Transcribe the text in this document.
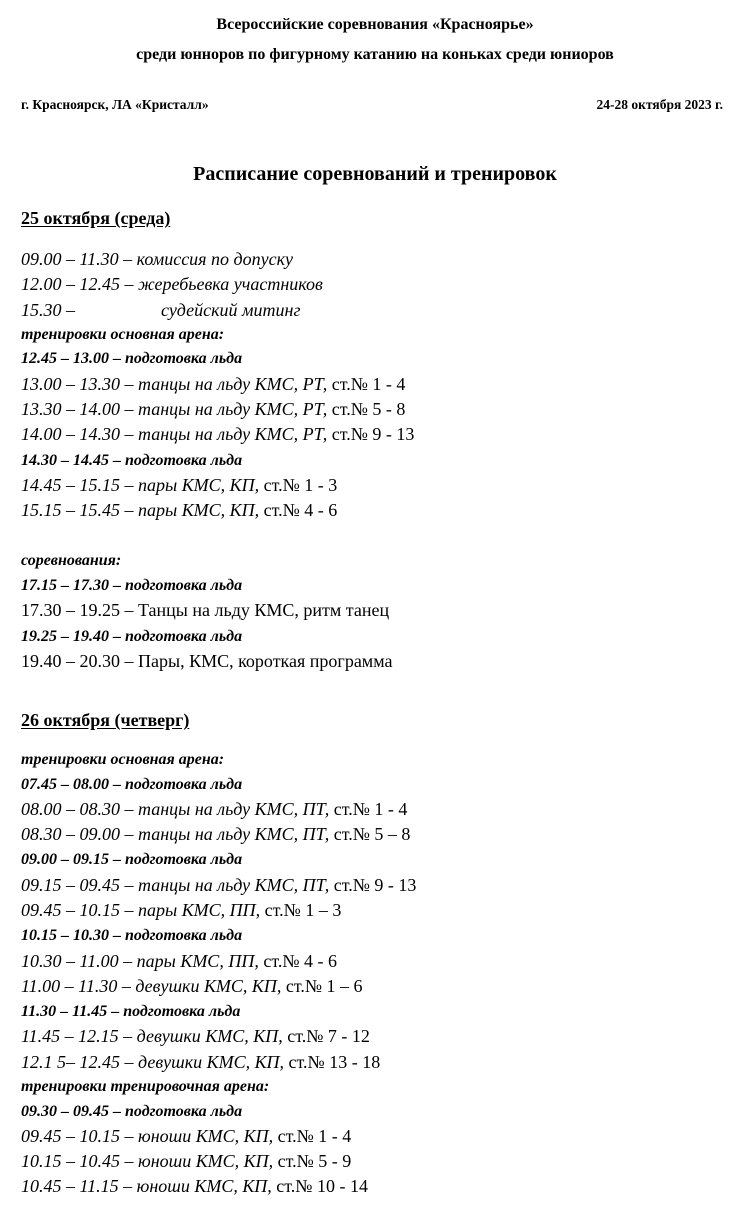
Всероссийские соревнования «Красноярье»
среди юнноров по фигурному катанию на коньках среди юниоров
г. Красноярск, ЛА «Кристалл»	24-28 октября 2023 г.
Расписание соревнований и тренировок
25 октября (среда)
09.00 – 11.30 – комиссия по допуску
12.00 – 12.45 – жеребьевка участников
15.30 –	судейский митинг
тренировки основная арена:
12.45 – 13.00 – подготовка льда
13.00 – 13.30 – танцы на льду КМС, РТ, ст.№ 1 - 4
13.30 – 14.00 – танцы на льду КМС, РТ, ст.№ 5 - 8
14.00 – 14.30 – танцы на льду КМС, РТ, ст.№ 9 - 13
14.30 – 14.45 – подготовка льда
14.45 – 15.15 – пары КМС, КП, ст.№ 1 - 3
15.15 – 15.45 – пары КМС, КП, ст.№ 4 - 6
соревнования:
17.15 – 17.30 – подготовка льда
17.30 – 19.25 – Танцы на льду КМС, ритм танец
19.25 – 19.40 – подготовка льда
19.40 – 20.30 – Пары, КМС, короткая программа
26 октября (четверг)
тренировки основная арена:
07.45 – 08.00 – подготовка льда
08.00 – 08.30 – танцы на льду КМС, ПТ, ст.№ 1 - 4
08.30 – 09.00 – танцы на льду КМС, ПТ, ст.№ 5 – 8
09.00 – 09.15 – подготовка льда
09.15 – 09.45 – танцы на льду КМС, ПТ, ст.№ 9 - 13
09.45 – 10.15 – пары КМС, ПП, ст.№ 1 – 3
10.15 – 10.30 – подготовка льда
10.30 – 11.00 – пары КМС, ПП, ст.№ 4 - 6
11.00 – 11.30 – девушки КМС, КП, ст.№ 1 – 6
11.30 – 11.45 – подготовка льда
11.45 – 12.15 – девушки КМС, КП, ст.№ 7 - 12
12.1 5– 12.45 – девушки КМС, КП, ст.№ 13 - 18
тренировки тренировочная арена:
09.30 – 09.45 – подготовка льда
09.45 – 10.15 – юноши КМС, КП, ст.№ 1 - 4
10.15 – 10.45 – юноши КМС, КП, ст.№ 5 - 9
10.45 – 11.15 – юноши КМС, КП, ст.№ 10 - 14
